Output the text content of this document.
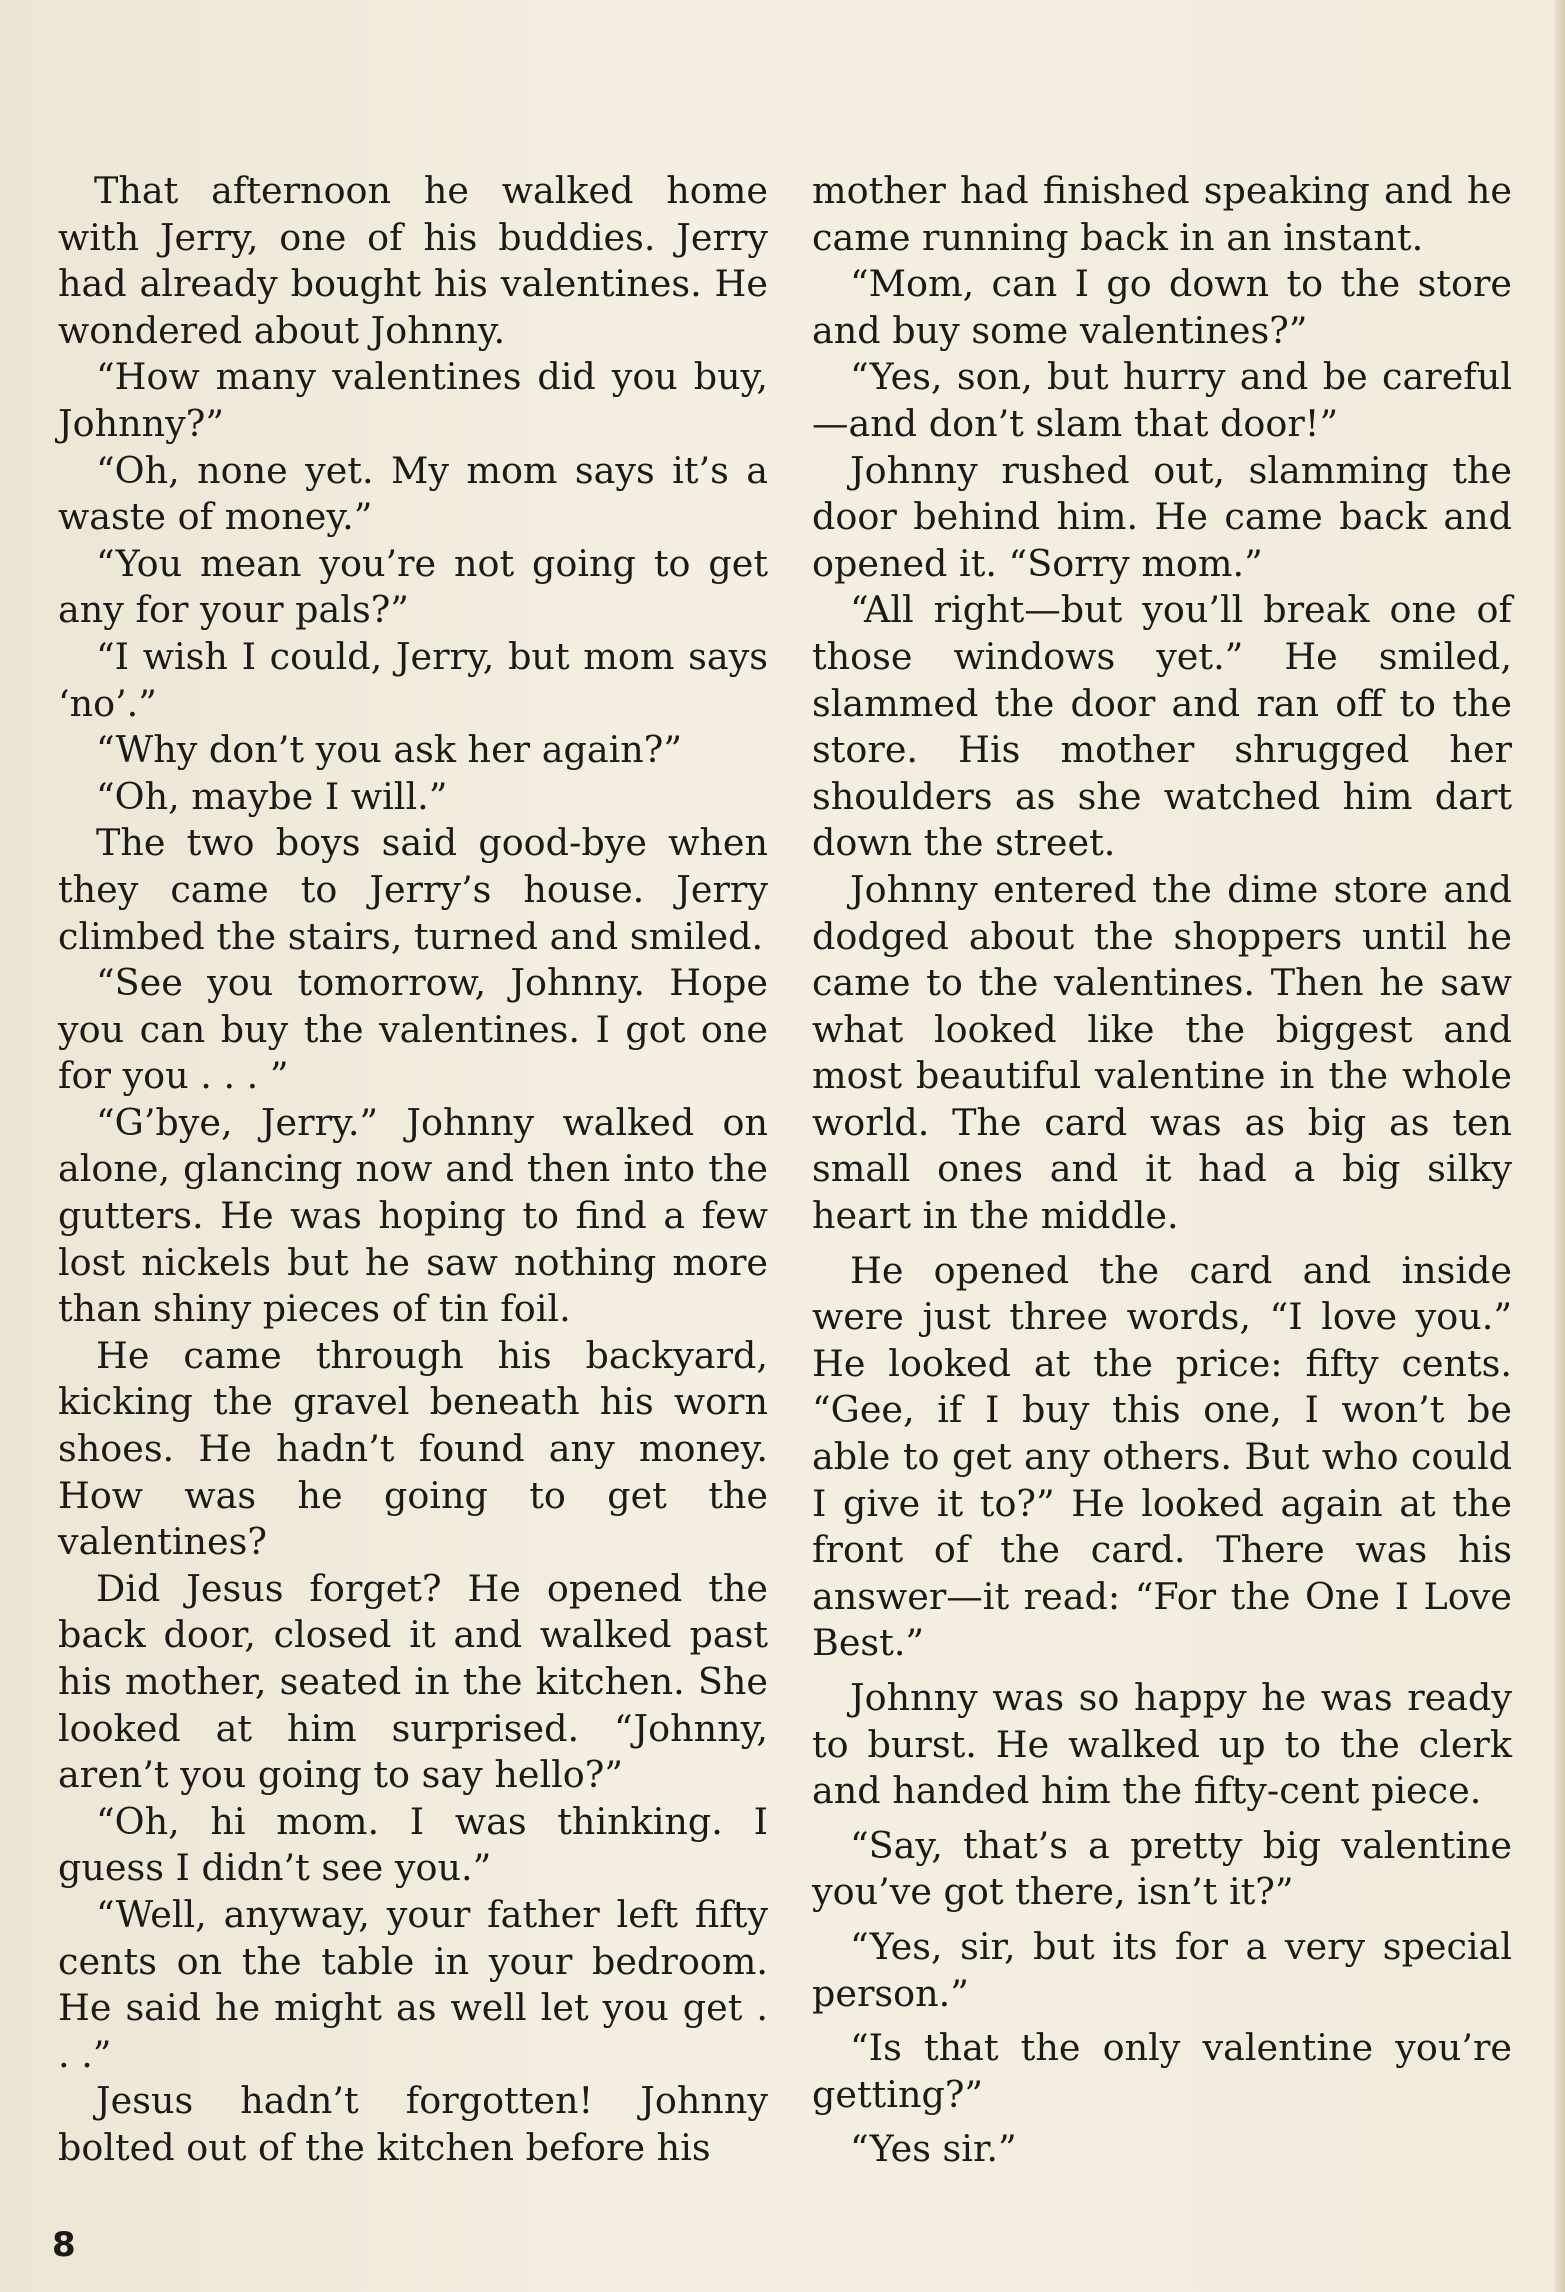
That afternoon he walked home with Jerry, one of his buddies. Jerry had already bought his valentines. He wondered about Johnny.

“How many valentines did you buy, Johnny?”

“Oh, none yet. My mom says it’s a waste of money.”

“You mean you’re not going to get any for your pals?”

“I wish I could, Jerry, but mom says ‘no’.”

“Why don’t you ask her again?”

“Oh, maybe I will.”

The two boys said good-bye when they came to Jerry’s house. Jerry climbed the stairs, turned and smiled.

“See you tomorrow, Johnny. Hope you can buy the valentines. I got one for you . . . ”

“G’bye, Jerry.” Johnny walked on alone, glancing now and then into the gutters. He was hoping to find a few lost nickels but he saw nothing more than shiny pieces of tin foil.

He came through his backyard, kicking the gravel beneath his worn shoes. He hadn’t found any money. How was he going to get the valentines?

Did Jesus forget? He opened the back door, closed it and walked past his mother, seated in the kitchen. She looked at him surprised. “Johnny, aren’t you going to say hello?”

“Oh, hi mom. I was thinking. I guess I didn’t see you.”

“Well, anyway, your father left fifty cents on the table in your bedroom. He said he might as well let you get . . .”

Jesus hadn’t forgotten! Johnny bolted out of the kitchen before his

mother had finished speaking and he came running back in an instant.

“Mom, can I go down to the store and buy some valentines?”

“Yes, son, but hurry and be careful—and don’t slam that door!”

Johnny rushed out, slamming the door behind him. He came back and opened it. “Sorry mom.”

“All right—but you’ll break one of those windows yet.” He smiled, slammed the door and ran off to the store. His mother shrugged her shoulders as she watched him dart down the street.

Johnny entered the dime store and dodged about the shoppers until he came to the valentines. Then he saw what looked like the biggest and most beautiful valentine in the whole world. The card was as big as ten small ones and it had a big silky heart in the middle.

He opened the card and inside were just three words, “I love you.” He looked at the price: fifty cents. “Gee, if I buy this one, I won’t be able to get any others. But who could I give it to?” He looked again at the front of the card. There was his answer—it read: “For the One I Love Best.”

Johnny was so happy he was ready to burst. He walked up to the clerk and handed him the fifty-cent piece.

“Say, that’s a pretty big valentine you’ve got there, isn’t it?”

“Yes, sir, but its for a very special person.”

“Is that the only valentine you’re getting?”

“Yes sir.”

8
